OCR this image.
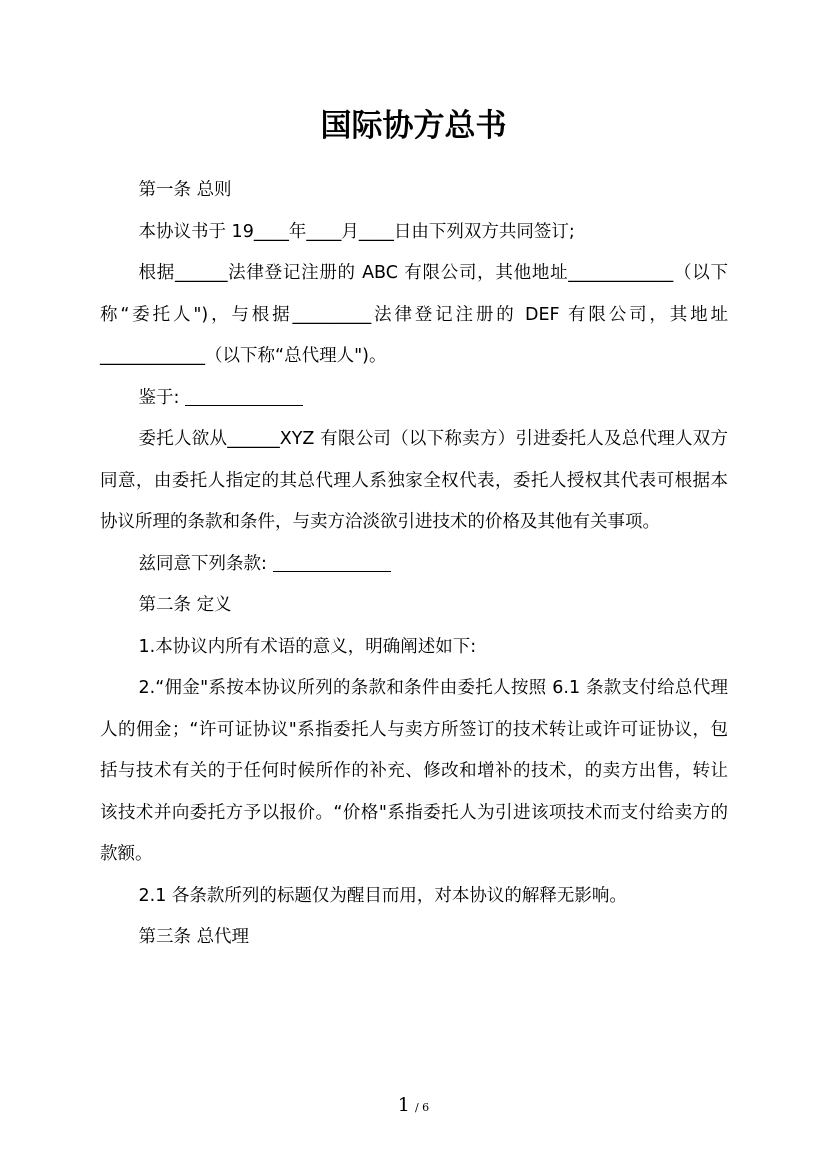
国际协方总书

第一条 总则

本协议书于 19____年____月____日由下列双方共同签订;

根据______法律登记注册的 ABC 有限公司，其他地址____________（以下称“委托人")，与根据_________法律登记注册的 DEF 有限公司，其地址____________（以下称“总代理人")。

鉴于:

委托人欲从______XYZ 有限公司（以下称卖方）引进委托人及总代理人双方同意，由委托人指定的其总代理人系独家全权代表，委托人授权其代表可根据本协议所理的条款和条件，与卖方洽淡欲引进技术的价格及其他有关事项。

兹同意下列条款:

第二条 定义

1.本协议内所有术语的意义，明确阐述如下:

2.“佣金"系按本协议所列的条款和条件由委托人按照 6.1 条款支付给总代理人的佣金；“许可证协议"系指委托人与卖方所签订的技术转让或许可证协议，包括与技术有关的于任何时候所作的补充、修改和增补的技术，的卖方出售，转让该技术并向委托方予以报价。“价格"系指委托人为引进该项技术而支付给卖方的款额。

2.1 各条款所列的标题仅为醒目而用，对本协议的解释无影响。

第三条 总代理

1 / 6
